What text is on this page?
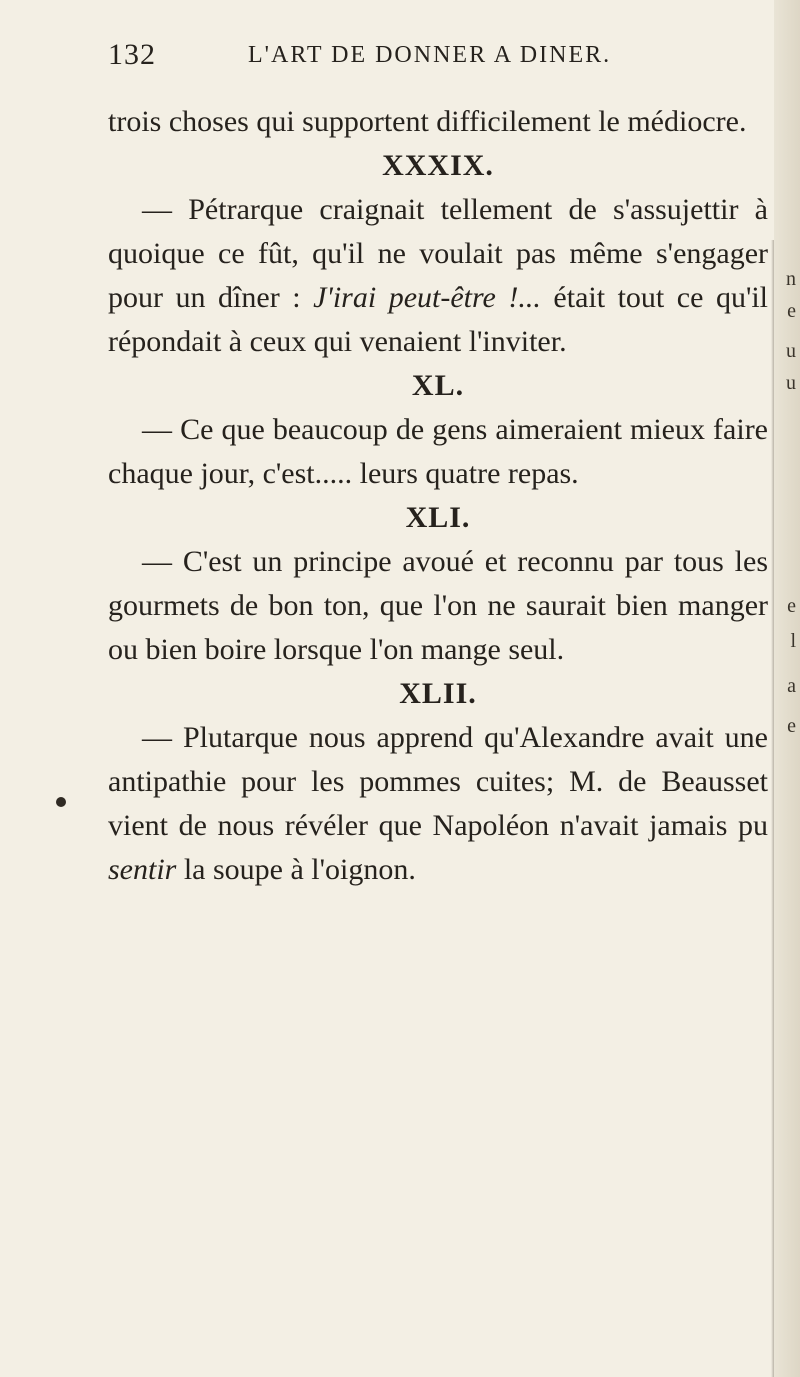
132	L'ART DE DONNER A DINER.

trois choses qui supportent difficilement le médiocre.

XXXIX.

— Pétrarque craignait tellement de s'assujettir à quoique ce fût, qu'il ne voulait pas même s'engager pour un dîner : J'irai peut-être !... était tout ce qu'il répondait à ceux qui venaient l'inviter.

XL.

— Ce que beaucoup de gens aimeraient mieux faire chaque jour, c'est..... leurs quatre repas.

XLI.

— C'est un principe avoué et reconnu par tous les gourmets de bon ton, que l'on ne saurait bien manger ou bien boire lorsque l'on mange seul.

XLII.

— Plutarque nous apprend qu'Alexandre avait une antipathie pour les pommes cuites; M. de Beausset vient de nous révéler que Napoléon n'avait jamais pu sentir la soupe à l'oignon.

n
e
u
u
e
l
a
e
